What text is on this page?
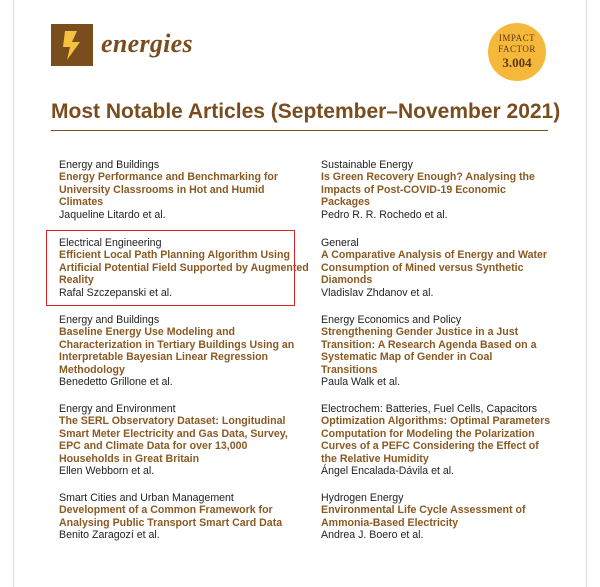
energies	IMPACT
FACTOR
3.004
Most Notable Articles (September–November 2021)
Energy and Buildings
Energy Performance and Benchmarking for University Classrooms in Hot and Humid Climates
Jaqueline Litardo et al.
Electrical Engineering
Efficient Local Path Planning Algorithm Using Artificial Potential Field Supported by Augmented Reality
Rafal Szczepanski et al.
Energy and Buildings
Baseline Energy Use Modeling and Characterization in Tertiary Buildings Using an Interpretable Bayesian Linear Regression Methodology
Benedetto Grillone et al.
Energy and Environment
The SERL Observatory Dataset: Longitudinal Smart Meter Electricity and Gas Data, Survey, EPC and Climate Data for over 13,000 Households in Great Britain
Ellen Webborn et al.
Smart Cities and Urban Management
Development of a Common Framework for Analysing Public Transport Smart Card Data
Benito Zaragozí et al.
Sustainable Energy
Is Green Recovery Enough? Analysing the Impacts of Post-COVID-19 Economic Packages
Pedro R. R. Rochedo et al.
General
A Comparative Analysis of Energy and Water Consumption of Mined versus Synthetic Diamonds
Vladislav Zhdanov et al.
Energy Economics and Policy
Strengthening Gender Justice in a Just Transition: A Research Agenda Based on a Systematic Map of Gender in Coal Transitions
Paula Walk et al.
Electrochem: Batteries, Fuel Cells, Capacitors
Optimization Algorithms: Optimal Parameters Computation for Modeling the Polarization Curves of a PEFC Considering the Effect of the Relative Humidity
Ángel Encalada-Dávila et al.
Hydrogen Energy
Environmental Life Cycle Assessment of Ammonia-Based Electricity
Andrea J. Boero et al.
